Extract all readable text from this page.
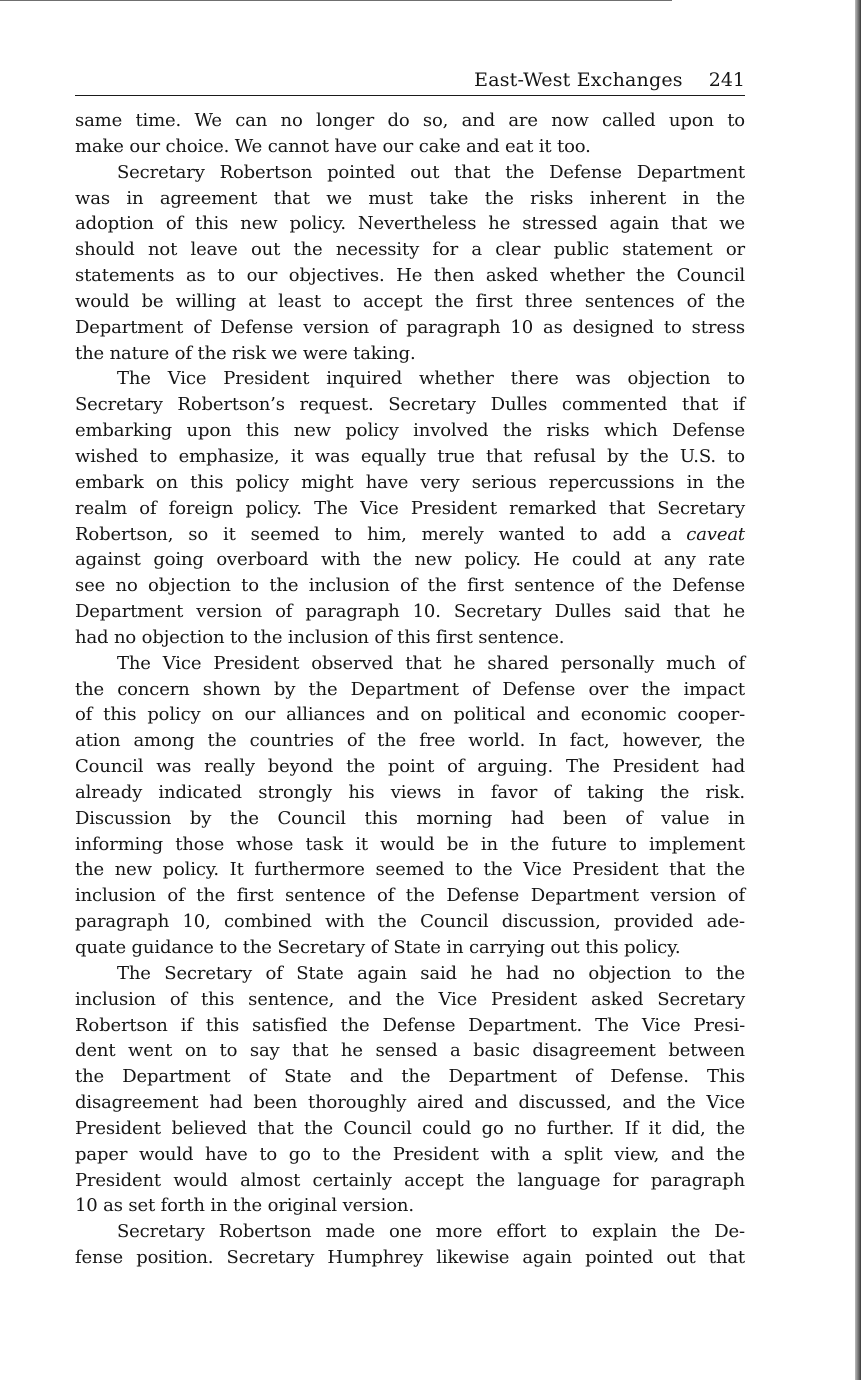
East-West Exchanges 241
same time. We can no longer do so, and are now called upon to
make our choice. We cannot have our cake and eat it too.
Secretary Robertson pointed out that the Defense Department
was in agreement that we must take the risks inherent in the
adoption of this new policy. Nevertheless he stressed again that we
should not leave out the necessity for a clear public statement or
statements as to our objectives. He then asked whether the Council
would be willing at least to accept the first three sentences of the
Department of Defense version of paragraph 10 as designed to stress
the nature of the risk we were taking.
The Vice President inquired whether there was objection to
Secretary Robertson’s request. Secretary Dulles commented that if
embarking upon this new policy involved the risks which Defense
wished to emphasize, it was equally true that refusal by the U.S. to
embark on this policy might have very serious repercussions in the
realm of foreign policy. The Vice President remarked that Secretary
Robertson, so it seemed to him, merely wanted to add a caveat
against going overboard with the new policy. He could at any rate
see no objection to the inclusion of the first sentence of the Defense
Department version of paragraph 10. Secretary Dulles said that he
had no objection to the inclusion of this first sentence.
The Vice President observed that he shared personally much of
the concern shown by the Department of Defense over the impact
of this policy on our alliances and on political and economic cooper-
ation among the countries of the free world. In fact, however, the
Council was really beyond the point of arguing. The President had
already indicated strongly his views in favor of taking the risk.
Discussion by the Council this morning had been of value in
informing those whose task it would be in the future to implement
the new policy. It furthermore seemed to the Vice President that the
inclusion of the first sentence of the Defense Department version of
paragraph 10, combined with the Council discussion, provided ade-
quate guidance to the Secretary of State in carrying out this policy.
The Secretary of State again said he had no objection to the
inclusion of this sentence, and the Vice President asked Secretary
Robertson if this satisfied the Defense Department. The Vice Presi-
dent went on to say that he sensed a basic disagreement between
the Department of State and the Department of Defense. This
disagreement had been thoroughly aired and discussed, and the Vice
President believed that the Council could go no further. If it did, the
paper would have to go to the President with a split view, and the
President would almost certainly accept the language for paragraph
10 as set forth in the original version.
Secretary Robertson made one more effort to explain the De-
fense position. Secretary Humphrey likewise again pointed out that
